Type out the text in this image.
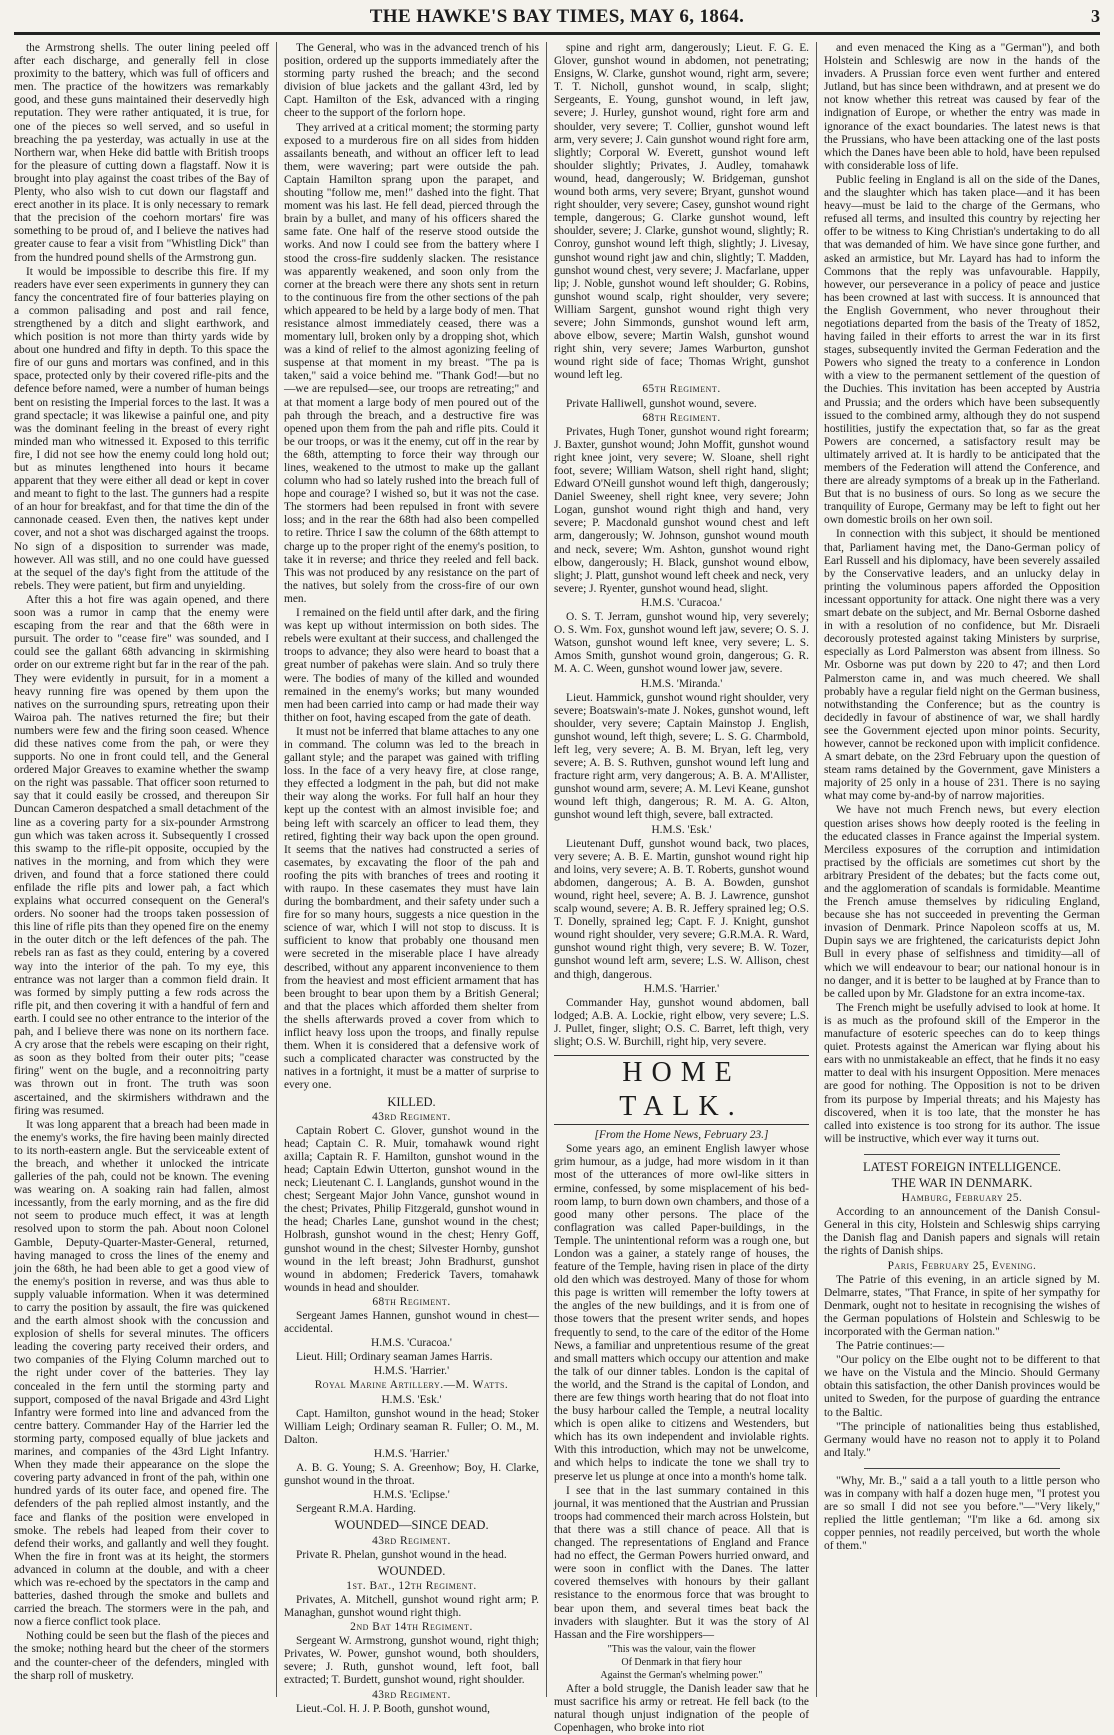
THE HAWKE'S BAY TIMES, MAY 6, 1864.	3

the Armstrong shells. The outer lining peeled off after each discharge, and generally fell in close proximity to the battery, which was full of officers and men. The practice of the howitzers was remarkably good, and these guns maintained their deservedly high reputation. They were rather antiquated, it is true, for one of the pieces so well served, and so useful in breaching the pa yesterday, was actually in use at the Northern war, when Heke did battle with British troops for the pleasure of cutting down a flagstaff. Now it is brought into play against the coast tribes of the Bay of Plenty, who also wish to cut down our flagstaff and erect another in its place. It is only necessary to remark that the precision of the coehorn mortars' fire was something to be proud of, and I believe the natives had greater cause to fear a visit from "Whistling Dick" than from the hundred pound shells of the Armstrong gun.

It would be impossible to describe this fire. If my readers have ever seen experiments in gunnery they can fancy the concentrated fire of four batteries playing on a common palisading and post and rail fence, strengthened by a ditch and slight earthwork, and which position is not more than thirty yards wide by about one hundred and fifty in depth. To this space the fire of our guns and mortars was confined, and in this space, protected only by their covered rifle-pits and the defence before named, were a number of human beings bent on resisting the Imperial forces to the last. It was a grand spectacle; it was likewise a painful one, and pity was the dominant feeling in the breast of every right minded man who witnessed it. Exposed to this terrific fire, I did not see how the enemy could long hold out; but as minutes lengthened into hours it became apparent that they were either all dead or kept in cover and meant to fight to the last. The gunners had a respite of an hour for breakfast, and for that time the din of the cannonade ceased. Even then, the natives kept under cover, and not a shot was discharged against the troops. No sign of a disposition to surrender was made, however. All was still, and no one could have guessed at the sequel of the day's fight from the attitude of the rebels. They were patient, but firm and unyielding.

After this a hot fire was again opened, and there soon was a rumor in camp that the enemy were escaping from the rear and that the 68th were in pursuit. The order to "cease fire" was sounded, and I could see the gallant 68th advancing in skirmishing order on our extreme right but far in the rear of the pah. They were evidently in pursuit, for in a moment a heavy running fire was opened by them upon the natives on the surrounding spurs, retreating upon their Wairoa pah. The natives returned the fire; but their numbers were few and the firing soon ceased. Whence did these natives come from the pah, or were they supports. No one in front could tell, and the General ordered Major Greaves to examine whether the swamp on the right was passable. That officer soon returned to say that it could easily be crossed, and thereupon Sir Duncan Cameron despatched a small detachment of the line as a covering party for a six-pounder Armstrong gun which was taken across it. Subsequently I crossed this swamp to the rifle-pit opposite, occupied by the natives in the morning, and from which they were driven, and found that a force stationed there could enfilade the rifle pits and lower pah, a fact which explains what occurred consequent on the General's orders. No sooner had the troops taken possession of this line of rifle pits than they opened fire on the enemy in the outer ditch or the left defences of the pah. The rebels ran as fast as they could, entering by a covered way into the interior of the pah. To my eye, this entrance was not larger than a common field drain. It was formed by simply putting a few rods across the rifle pit, and then covering it with a handful of fern and earth. I could see no other entrance to the interior of the pah, and I believe there was none on its northern face. A cry arose that the rebels were escaping on their right, as soon as they bolted from their outer pits; "cease firing" went on the bugle, and a reconnoitring party was thrown out in front. The truth was soon ascertained, and the skirmishers withdrawn and the firing was resumed.

It was long apparent that a breach had been made in the enemy's works, the fire having been mainly directed to its north-eastern angle. But the serviceable extent of the breach, and whether it unlocked the intricate galleries of the pah, could not be known. The evening was wearing on. A soaking rain had fallen, almost incessantly, from the early morning, and as the fire did not seem to produce much effect, it was at length resolved upon to storm the pah. About noon Colonel Gamble, Deputy-Quarter-Master-General, returned, having managed to cross the lines of the enemy and join the 68th, he had been able to get a good view of the enemy's position in reverse, and was thus able to supply valuable information. When it was determined to carry the position by assault, the fire was quickened and the earth almost shook with the concussion and explosion of shells for several minutes. The officers leading the covering party received their orders, and two companies of the Flying Column marched out to the right under cover of the batteries. They lay concealed in the fern until the storming party and support, composed of the naval Brigade and 43rd Light Infantry were formed into line and advanced from the centre battery. Commander Hay of the Harrier led the storming party, composed equally of blue jackets and marines, and companies of the 43rd Light Infantry. When they made their appearance on the slope the covering party advanced in front of the pah, within one hundred yards of its outer face, and opened fire. The defenders of the pah replied almost instantly, and the face and flanks of the position were enveloped in smoke. The rebels had leaped from their cover to defend their works, and gallantly and well they fought. When the fire in front was at its height, the stormers advanced in column at the double, and with a cheer which was re-echoed by the spectators in the camp and batteries, dashed through the smoke and bullets and carried the breach. The stormers were in the pah, and now a fierce conflict took place.

Nothing could be seen but the flash of the pieces and the smoke; nothing heard but the cheer of the stormers and the counter-cheer of the defenders, mingled with the sharp roll of musketry.

The General, who was in the advanced trench of his position, ordered up the supports immediately after the storming party rushed the breach; and the second division of blue jackets and the gallant 43rd, led by Capt. Hamilton of the Esk, advanced with a ringing cheer to the support of the forlorn hope.

They arrived at a critical moment; the storming party exposed to a murderous fire on all sides from hidden assailants beneath, and without an officer left to lead them, were wavering; part were outside the pah. Captain Hamilton sprang upon the parapet, and shouting "follow me, men!" dashed into the fight. That moment was his last. He fell dead, pierced through the brain by a bullet, and many of his officers shared the same fate. One half of the reserve stood outside the works. And now I could see from the battery where I stood the cross-fire suddenly slacken. The resistance was apparently weakened, and soon only from the corner at the breach were there any shots sent in return to the continuous fire from the other sections of the pah which appeared to be held by a large body of men. That resistance almost immediately ceased, there was a momentary lull, broken only by a dropping shot, which was a kind of relief to the almost agonizing feeling of suspense at that moment in my breast. "The pa is taken," said a voice behind me. "Thank God!—but no—we are repulsed—see, our troops are retreating;" and at that moment a large body of men poured out of the pah through the breach, and a destructive fire was opened upon them from the pah and rifle pits. Could it be our troops, or was it the enemy, cut off in the rear by the 68th, attempting to force their way through our lines, weakened to the utmost to make up the gallant column who had so lately rushed into the breach full of hope and courage? I wished so, but it was not the case. The stormers had been repulsed in front with severe loss; and in the rear the 68th had also been compelled to retire. Thrice I saw the column of the 68th attempt to charge up to the proper right of the enemy's position, to take it in reverse; and thrice they reeled and fell back. This was not produced by any resistance on the part of the natives, but solely from the cross-fire of our own men.

I remained on the field until after dark, and the firing was kept up without intermission on both sides. The rebels were exultant at their success, and challenged the troops to advance; they also were heard to boast that a great number of pakehas were slain. And so truly there were. The bodies of many of the killed and wounded remained in the enemy's works; but many wounded men had been carried into camp or had made their way thither on foot, having escaped from the gate of death.

It must not be inferred that blame attaches to any one in command. The column was led to the breach in gallant style; and the parapet was gained with trifling loss. In the face of a very heavy fire, at close range, they effected a lodgment in the pah, but did not make their way along the works. For full half an hour they kept up the contest with an almost invisible foe; and being left with scarcely an officer to lead them, they retired, fighting their way back upon the open ground. It seems that the natives had constructed a series of casemates, by excavating the floor of the pah and roofing the pits with branches of trees and rooting it with raupo. In these casemates they must have lain during the bombardment, and their safety under such a fire for so many hours, suggests a nice question in the science of war, which I will not stop to discuss. It is sufficient to know that probably one thousand men were secreted in the miserable place I have already described, without any apparent inconvenience to them from the heaviest and most efficient armament that has been brought to bear upon them by a British General; and that the places which afforded them shelter from the shells afterwards proved a cover from which to inflict heavy loss upon the troops, and finally repulse them. When it is considered that a defensive work of such a complicated character was constructed by the natives in a fortnight, it must be a matter of surprise to every one.

KILLED.

43rd Regiment.

Captain Robert C. Glover, gunshot wound in the head; Captain C. R. Muir, tomahawk wound right axilla; Captain R. F. Hamilton, gunshot wound in the head; Captain Edwin Utterton, gunshot wound in the neck; Lieutenant C. I. Langlands, gunshot wound in the chest; Sergeant Major John Vance, gunshot wound in the chest; Privates, Philip Fitzgerald, gunshot wound in the head; Charles Lane, gunshot wound in the chest; Holbrash, gunshot wound in the chest; Henry Goff, gunshot wound in the chest; Silvester Hornby, gunshot wound in the left breast; John Bradhurst, gunshot wound in abdomen; Frederick Tavers, tomahawk wounds in head and shoulder.

68th Regiment.

Sergeant James Hannen, gunshot wound in chest—accidental.

H.M.S. 'Curacoa.'

Lieut. Hill; Ordinary seaman James Harris.

H.M.S. 'Harrier.'

Royal Marine Artillery.—M. Watts.

H.M.S. 'Esk.'

Capt. Hamilton, gunshot wound in the head; Stoker William Leigh; Ordinary seaman R. Fuller; O. M., M. Dalton.

H.M.S. 'Harrier.'

A. B. G. Young; S. A. Greenhow; Boy, H. Clarke, gunshot wound in the throat.

H.M.S. 'Eclipse.'

Sergeant R.M.A. Harding.

WOUNDED—SINCE DEAD.

43rd Regiment.

Private R. Phelan, gunshot wound in the head.

WOUNDED.

1st. Bat., 12th Regiment.

Privates, A. Mitchell, gunshot wound right arm; P. Managhan, gunshot wound right thigh.

2nd Bat 14th Regiment.

Sergeant W. Armstrong, gunshot wound, right thigh; Privates, W. Power, gunshot wound, both shoulders, severe; J. Ruth, gunshot wound, left foot, ball extracted; T. Burdett, gunshot wound, right shoulder.

43rd Regiment.

Lieut.-Col. H. J. P. Booth, gunshot wound,

spine and right arm, dangerously; Lieut. F. G. E. Glover, gunshot wound in abdomen, not penetrating; Ensigns, W. Clarke, gunshot wound, right arm, severe; T. T. Nicholl, gunshot wound, in scalp, slight; Sergeants, E. Young, gunshot wound, in left jaw, severe; J. Hurley, gunshot wound, right fore arm and shoulder, very severe; T. Collier, gunshot wound left arm, very severe; J. Cain gunshot wound right fore arm, slightly; Corporal W. Everett, gunshot wound left shoulder slightly; Privates, J. Audley, tomahawk wound, head, dangerously; W. Bridgeman, gunshot wound both arms, very severe; Bryant, gunshot wound right shoulder, very severe; Casey, gunshot wound right temple, dangerous; G. Clarke gunshot wound, left shoulder, severe; J. Clarke, gunshot wound, slightly; R. Conroy, gunshot wound left thigh, slightly; J. Livesay, gunshot wound right jaw and chin, slightly; T. Madden, gunshot wound chest, very severe; J. Macfarlane, upper lip; J. Noble, gunshot wound left shoulder; G. Robins, gunshot wound scalp, right shoulder, very severe; William Sargent, gunshot wound right thigh very severe; John Simmonds, gunshot wound left arm, above elbow, severe; Martin Walsh, gunshot wound right shin, very severe; James Warburton, gunshot wound right side of face; Thomas Wright, gunshot wound left leg.

65th Regiment.

Private Halliwell, gunshot wound, severe.

68th Regiment.

Privates, Hugh Toner, gunshot wound right forearm; J. Baxter, gunshot wound; John Moffit, gunshot wound right knee joint, very severe; W. Sloane, shell right foot, severe; William Watson, shell right hand, slight; Edward O'Neill gunshot wound left thigh, dangerously; Daniel Sweeney, shell right knee, very severe; John Logan, gunshot wound right thigh and hand, very severe; P. Macdonald gunshot wound chest and left arm, dangerously; W. Johnson, gunshot wound mouth and neck, severe; Wm. Ashton, gunshot wound right elbow, dangerously; H. Black, gunshot wound elbow, slight; J. Platt, gunshot wound left cheek and neck, very severe; J. Ryenter, gunshot wound head, slight.

H.M.S. 'Curacoa.'

O. S. T. Jerram, gunshot wound hip, very severely; O. S. Wm. Fox, gunshot wound left jaw, severe; O. S. J. Watson, gunshot wound left knee, very severe; L. S. Amos Smith, gunshot wound groin, dangerous; G. R. M. A. C. Ween, gunshot wound lower jaw, severe.

H.M.S. 'Miranda.'

Lieut. Hammick, gunshot wound right shoulder, very severe; Boatswain's-mate J. Nokes, gunshot wound, left shoulder, very severe; Captain Mainstop J. English, gunshot wound, left thigh, severe; L. S. G. Charmbold, left leg, very severe; A. B. M. Bryan, left leg, very severe; A. B. S. Ruthven, gunshot wound left lung and fracture right arm, very dangerous; A. B. A. M'Allister, gunshot wound arm, severe; A. M. Levi Keane, gunshot wound left thigh, dangerous; R. M. A. G. Alton, gunshot wound left thigh, severe, ball extracted.

H.M.S. 'Esk.'

Lieutenant Duff, gunshot wound back, two places, very severe; A. B. E. Martin, gunshot wound right hip and loins, very severe; A. B. T. Roberts, gunshot wound abdomen, dangerous; A. B. A. Bowden, gunshot wound, right heel, severe; A. B. J. Lawrence, gunshot scalp wound, severe; A. B. R. Jeffery sprained leg; O.S. T. Donelly, sprained leg; Capt. F. J. Knight, gunshot wound right shoulder, very severe; G.R.M.A. R. Ward, gunshot wound right thigh, very severe; B. W. Tozer, gunshot wound left arm, severe; L.S. W. Allison, chest and thigh, dangerous.

H.M.S. 'Harrier.'

Commander Hay, gunshot wound abdomen, ball lodged; A.B. A. Lockie, right elbow, very severe; L.S. J. Pullet, finger, slight; O.S. C. Barret, left thigh, very slight; O.S. W. Burchill, right hip, very severe.

HOME TALK.

[From the Home News, February 23.]

Some years ago, an eminent English lawyer whose grim humour, as a judge, had more wisdom in it than most of the utterances of more owl-like sitters in ermine, confessed, by some misplacement of his bed-room lamp, to burn down own chambers, and those of a good many other persons. The place of the conflagration was called Paper-buildings, in the Temple. The unintentional reform was a rough one, but London was a gainer, a stately range of houses, the feature of the Temple, having risen in place of the dirty old den which was destroyed. Many of those for whom this page is written will remember the lofty towers at the angles of the new buildings, and it is from one of those towers that the present writer sends, and hopes frequently to send, to the care of the editor of the Home News, a familiar and unpretentious resume of the great and small matters which occupy our attention and make the talk of our dinner tables. London is the capital of the world, and the Strand is the capital of London, and there are few things worth hearing that do not float into the busy harbour called the Temple, a neutral locality which is open alike to citizens and Westenders, but which has its own independent and inviolable rights. With this introduction, which may not be unwelcome, and which helps to indicate the tone we shall try to preserve let us plunge at once into a month's home talk.

I see that in the last summary contained in this journal, it was mentioned that the Austrian and Prussian troops had commenced their march across Holstein, but that there was a still chance of peace. All that is changed. The representations of England and France had no effect, the German Powers hurried onward, and were soon in conflict with the Danes. The latter covered themselves with honours by their gallant resistance to the enormous force that was brought to bear upon them, and several times beat back the invaders with slaughter. But it was the story of Al Hassan and the Fire worshippers—

"This was the valour, vain the flower

Of Denmark in that fiery hour

Against the German's whelming power."

After a bold struggle, the Danish leader saw that he must sacrifice his army or retreat. He fell back (to the natural though unjust indignation of the people of Copenhagen, who broke into riot

and even menaced the King as a "German"), and both Holstein and Schleswig are now in the hands of the invaders. A Prussian force even went further and entered Jutland, but has since been withdrawn, and at present we do not know whether this retreat was caused by fear of the indignation of Europe, or whether the entry was made in ignorance of the exact boundaries. The latest news is that the Prussians, who have been attacking one of the last posts which the Danes have been able to hold, have been repulsed with considerable loss of life.

Public feeling in England is all on the side of the Danes, and the slaughter which has taken place—and it has been heavy—must be laid to the charge of the Germans, who refused all terms, and insulted this country by rejecting her offer to be witness to King Christian's undertaking to do all that was demanded of him. We have since gone further, and asked an armistice, but Mr. Layard has had to inform the Commons that the reply was unfavourable. Happily, however, our perseverance in a policy of peace and justice has been crowned at last with success. It is announced that the English Government, who never throughout their negotiations departed from the basis of the Treaty of 1852, having failed in their efforts to arrest the war in its first stages, subsequently invited the German Federation and the Powers who signed the treaty to a conference in London with a view to the permanent settlement of the question of the Duchies. This invitation has been accepted by Austria and Prussia; and the orders which have been subsequently issued to the combined army, although they do not suspend hostilities, justify the expectation that, so far as the great Powers are concerned, a satisfactory result may be ultimately arrived at. It is hardly to be anticipated that the members of the Federation will attend the Conference, and there are already symptoms of a break up in the Fatherland. But that is no business of ours. So long as we secure the tranquility of Europe, Germany may be left to fight out her own domestic broils on her own soil.

In connection with this subject, it should be mentioned that, Parliament having met, the Dano-German policy of Earl Russell and his diplomacy, have been severely assailed by the Conservative leaders, and an unlucky delay in printing the voluminous papers afforded the Opposition incessant opportunity for attack. One night there was a very smart debate on the subject, and Mr. Bernal Osborne dashed in with a resolution of no confidence, but Mr. Disraeli decorously protested against taking Ministers by surprise, especially as Lord Palmerston was absent from illness. So Mr. Osborne was put down by 220 to 47; and then Lord Palmerston came in, and was much cheered. We shall probably have a regular field night on the German business, notwithstanding the Conference; but as the country is decidedly in favour of abstinence of war, we shall hardly see the Government ejected upon minor points. Security, however, cannot be reckoned upon with implicit confidence. A smart debate, on the 23rd February upon the question of steam rams detained by the Government, gave Ministers a majority of 25 only in a house of 231. There is no saying what may come by-and-by of narrow majorities.

We have not much French news, but every election question arises shows how deeply rooted is the feeling in the educated classes in France against the Imperial system. Merciless exposures of the corruption and intimidation practised by the officials are sometimes cut short by the arbitrary President of the debates; but the facts come out, and the agglomeration of scandals is formidable. Meantime the French amuse themselves by ridiculing England, because she has not succeeded in preventing the German invasion of Denmark. Prince Napoleon scoffs at us, M. Dupin says we are frightened, the caricaturists depict John Bull in every phase of selfishness and timidity—all of which we will endeavour to bear; our national honour is in no danger, and it is better to be laughed at by France than to be called upon by Mr. Gladstone for an extra income-tax.

The French might be usefully advised to look at home. It is as much as the profound skill of the Emperor in the manufacture of esoteric speeches can do to keep things quiet. Protests against the American war flying about his ears with no unmistakeable an effect, that he finds it no easy matter to deal with his insurgent Opposition. Mere menaces are good for nothing. The Opposition is not to be driven from its purpose by Imperial threats; and his Majesty has discovered, when it is too late, that the monster he has called into existence is too strong for its author. The issue will be instructive, which ever way it turns out.

LATEST FOREIGN INTELLIGENCE.

THE WAR IN DENMARK.

Hamburg, February 25.

According to an announcement of the Danish Consul-General in this city, Holstein and Schleswig ships carrying the Danish flag and Danish papers and signals will retain the rights of Danish ships.

Paris, February 25, Evening.

The Patrie of this evening, in an article signed by M. Delmarre, states, "That France, in spite of her sympathy for Denmark, ought not to hesitate in recognising the wishes of the German populations of Holstein and Schleswig to be incorporated with the German nation."

The Patrie continues:—

"Our policy on the Elbe ought not to be different to that we have on the Vistula and the Mincio. Should Germany obtain this satisfaction, the other Danish provinces would be united to Sweden, for the purpose of guarding the entrance to the Baltic.

"The principle of nationalities being thus established, Germany would have no reason not to apply it to Poland and Italy."

"Why, Mr. B.," said a a tall youth to a little person who was in company with half a dozen huge men, "I protest you are so small I did not see you before."—"Very likely," replied the little gentleman; "I'm like a 6d. among six copper pennies, not readily perceived, but worth the whole of them."
